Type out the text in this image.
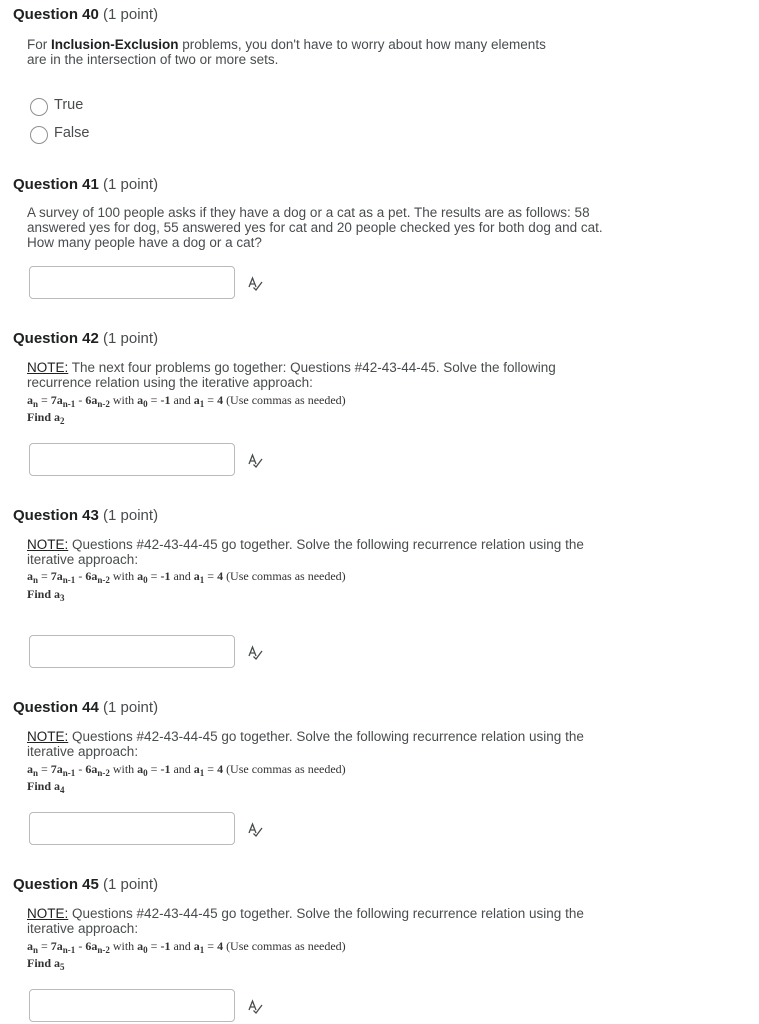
Question 40 (1 point)
For Inclusion-Exclusion problems, you don't have to worry about how many elements are in the intersection of two or more sets.
True
False
Question 41 (1 point)
A survey of 100 people asks if they have a dog or a cat as a pet. The results are as follows: 58 answered yes for dog, 55 answered yes for cat and 20 people checked yes for both dog and cat. How many people have a dog or a cat?
Question 42 (1 point)
NOTE: The next four problems go together: Questions #42-43-44-45. Solve the following recurrence relation using the iterative approach:
$a_n = 7a_{n-1} - 6a_{n-2}$ with $a_0 = -1$ and $a_1 = 4$ (Use commas as needed)
Find $a_2$
Question 43 (1 point)
NOTE: Questions #42-43-44-45 go together. Solve the following recurrence relation using the iterative approach:
$a_n = 7a_{n-1} - 6a_{n-2}$ with $a_0 = -1$ and $a_1 = 4$ (Use commas as needed)
Find $a_3$
Question 44 (1 point)
NOTE: Questions #42-43-44-45 go together. Solve the following recurrence relation using the iterative approach:
$a_n = 7a_{n-1} - 6a_{n-2}$ with $a_0 = -1$ and $a_1 = 4$ (Use commas as needed)
Find $a_4$
Question 45 (1 point)
NOTE: Questions #42-43-44-45 go together. Solve the following recurrence relation using the iterative approach:
$a_n = 7a_{n-1} - 6a_{n-2}$ with $a_0 = -1$ and $a_1 = 4$ (Use commas as needed)
Find $a_5$
